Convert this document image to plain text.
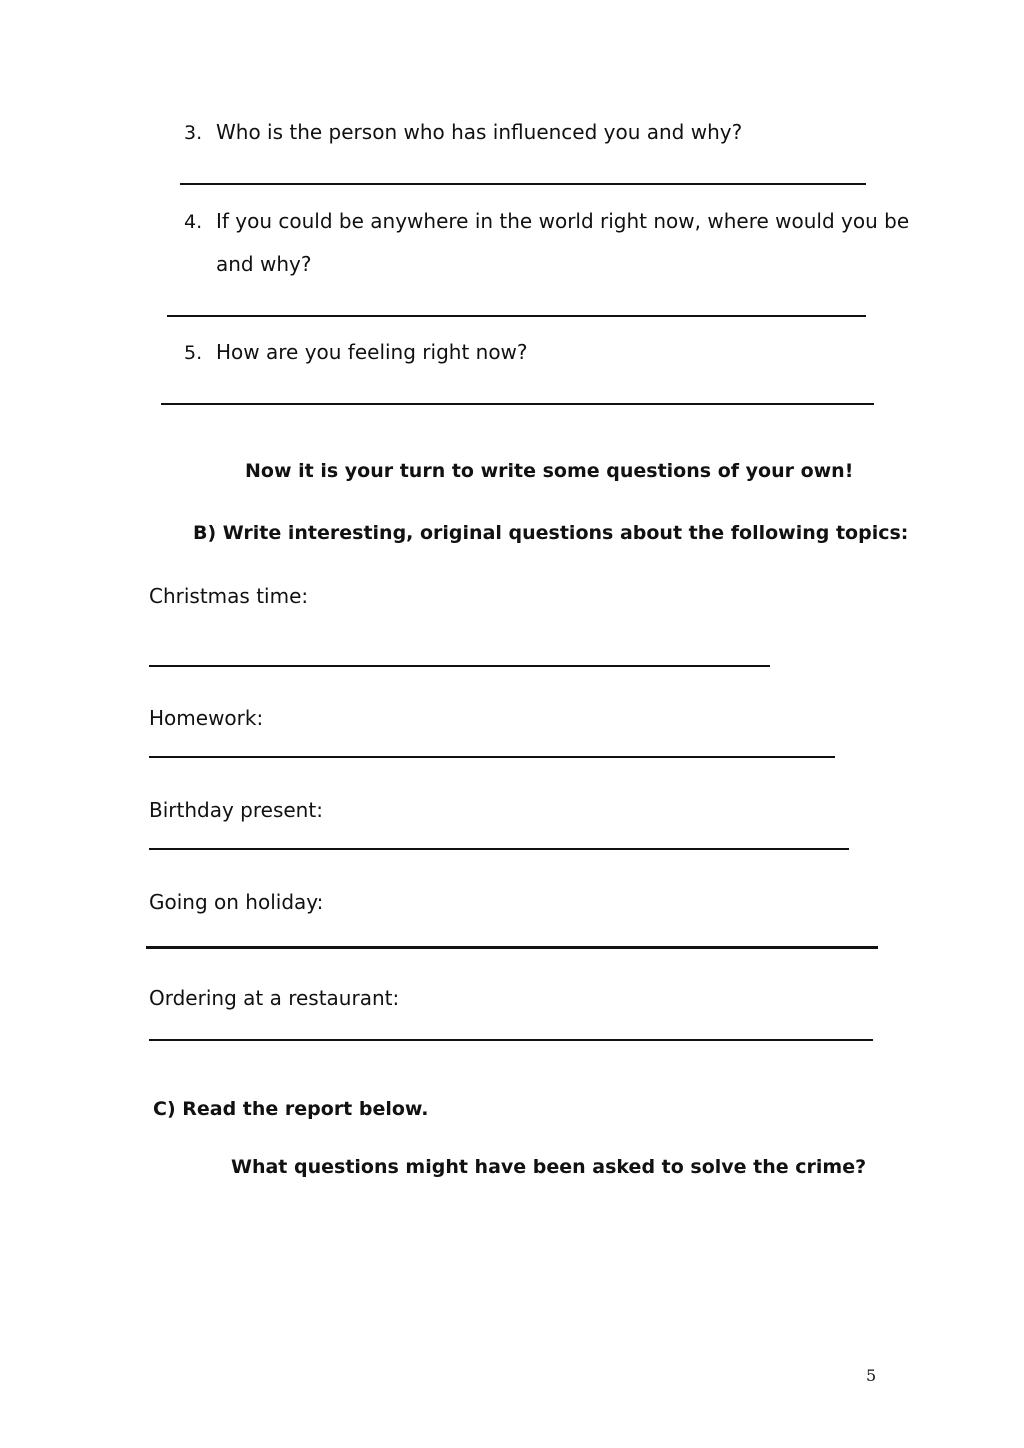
3. Who is the person who has influenced you and why?
4. If you could be anywhere in the world right now, where would you be
and why?
5. How are you feeling right now?
Now it is your turn to write some questions of your own!
B) Write interesting, original questions about the following topics:
Christmas time:
Homework:
Birthday present:
Going on holiday:
Ordering at a restaurant:
C) Read the report below.
What questions might have been asked to solve the crime?
5
